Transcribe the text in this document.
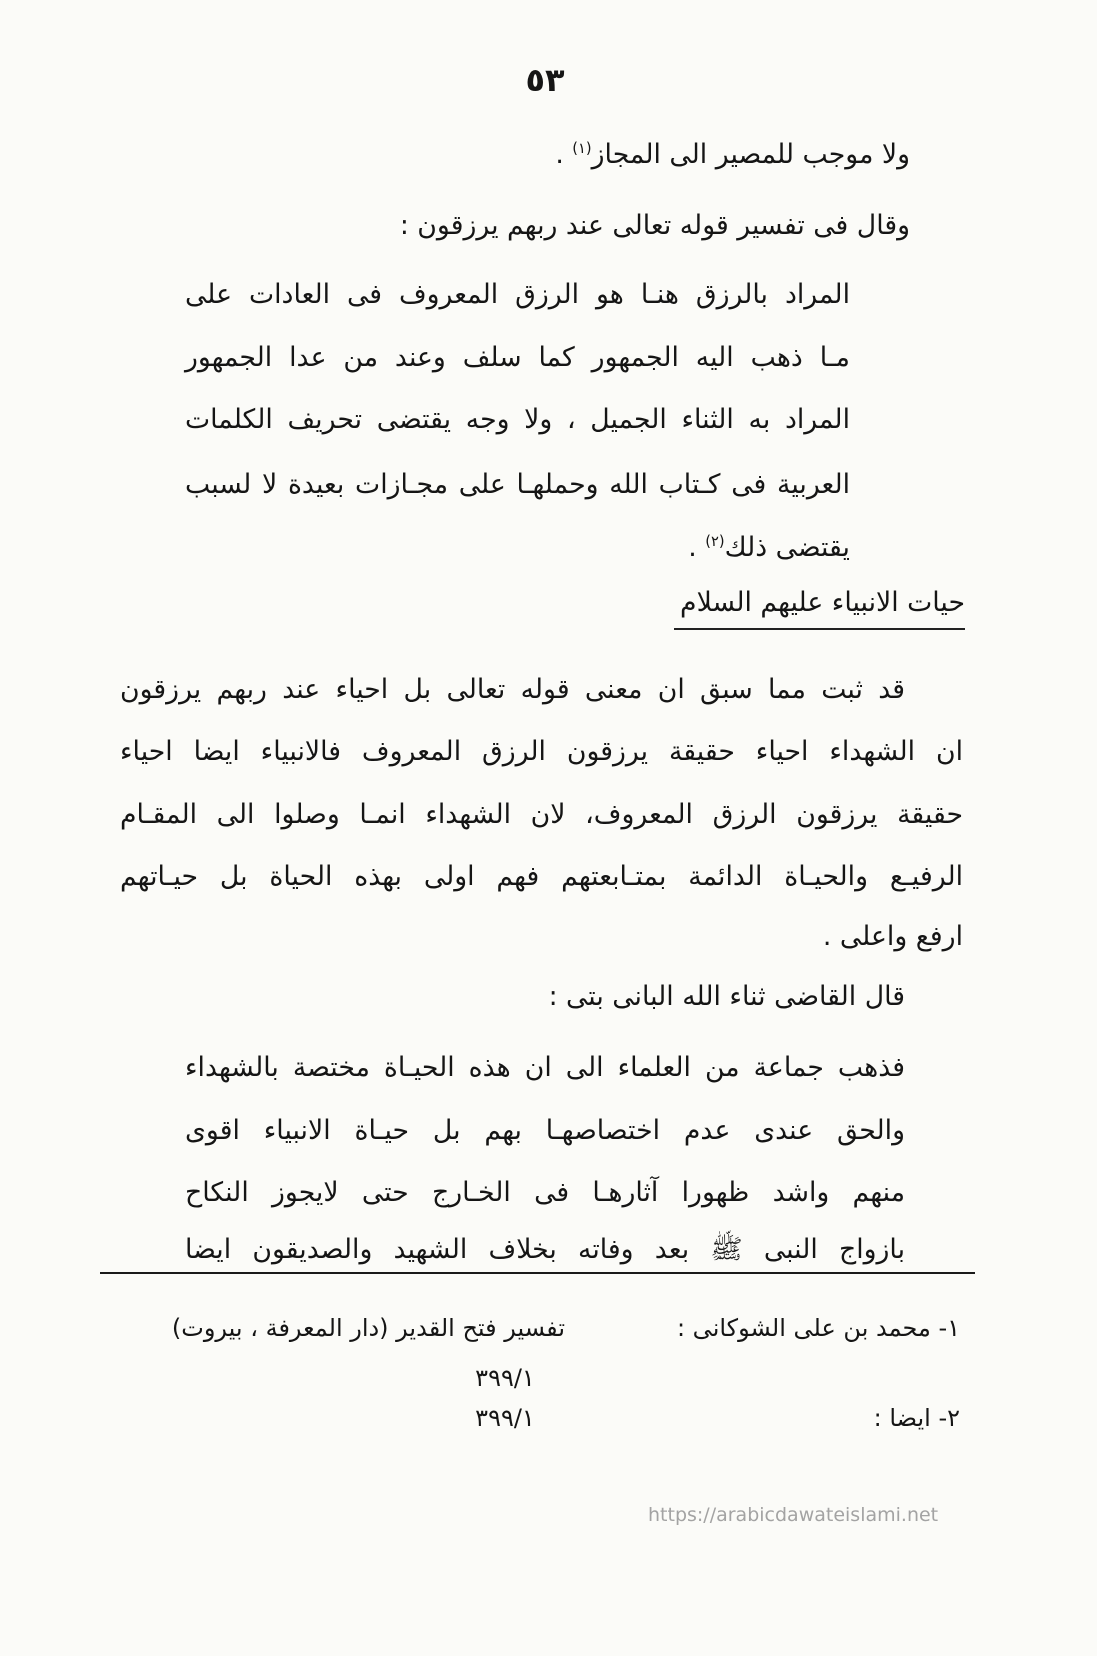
٥٣
ولا موجب للمصير الى المجاز$^{(١)}$ .
وقال فى تفسير قوله تعالى عند ربهم يرزقون :
المراد بالرزق هنـا هو الرزق المعروف فى العادات على
مـا ذهب اليه الجمهور كما سلف وعند من عدا الجمهور
المراد به الثناء الجميل ، ولا وجه يقتضى تحريف الكلمات
العربية فى كـتاب الله وحملهـا على مجـازات بعيدة لا لسبب
يقتضى ذلك$^{(٢)}$ .
حيات الانبياء عليهم السلام
قد ثبت مما سبق ان معنى قوله تعالى بل احياء عند ربهم يرزقون
ان الشهداء احياء حقيقة يرزقون الرزق المعروف فالانبياء ايضا احياء
حقيقة يرزقون الرزق المعروف، لان الشهداء انمـا وصلوا الى المقـام
الرفيـع والحيـاة الدائمة بمتـابعتهم فهم اولى بهذه الحياة بل حيـاتهم
ارفع واعلى .
قال القاضى ثناء الله البانى بتى :
فذهب جماعة من العلماء الى ان هذه الحيـاة مختصة بالشهداء
والحق عندى عدم اختصاصهـا بهم بل حيـاة الانبياء اقوى
منهم واشد ظهورا آثارهـا فى الخـارج حتى لايجوز النكاح
بازواج النبى ﷺ بعد وفاته بخلاف الشهيد والصديقون ايضا
١- محمد بن على الشوكانى :
تفسير فتح القدير (دار المعرفة ، بيروت)
٣٩٩/١
٢- ايضا :
٣٩٩/١
https://arabicdawateislami.net
